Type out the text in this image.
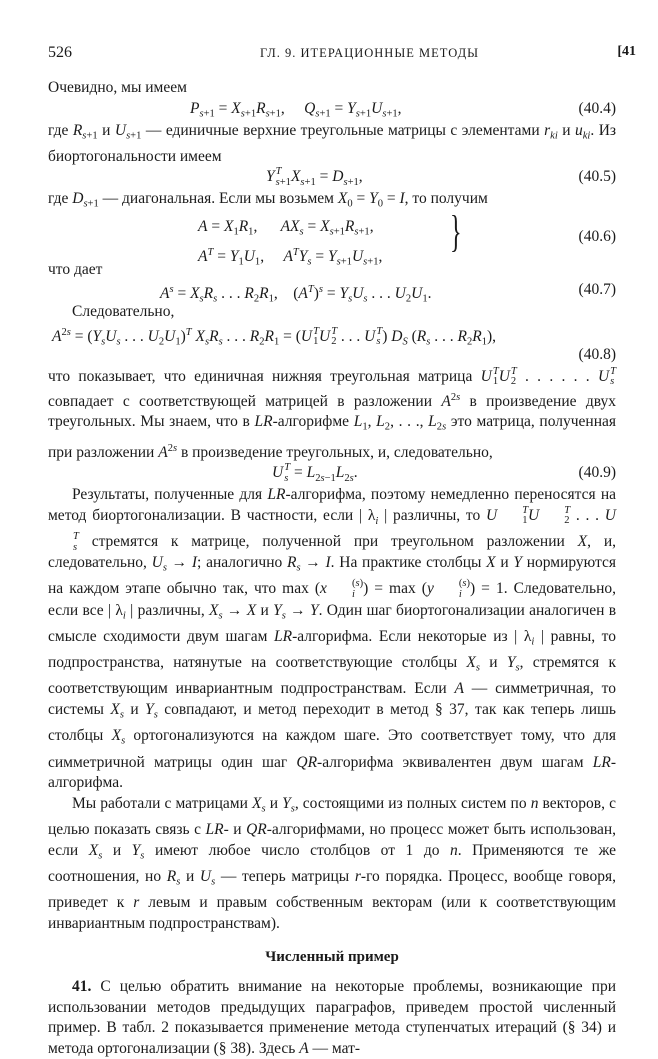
526	ГЛ. 9. ИТЕРАЦИОННЫЕ МЕТОДЫ	[41

Очевидно, мы имеем

$P_{s+1} = X_{s+1}R_{s+1}$,     $Q_{s+1} = Y_{s+1}U_{s+1}$,	(40.4)

где $R_{s+1}$ и $U_{s+1}$ — единичные верхние треугольные матрицы с элементами $r_{ki}$ и $u_{ki}$. Из биортогональности имеем

Y T
s+1 $X_{s+1} = D_{s+1}$,	(40.5)

где $D_{s+1}$ — диагональная. Если мы возьмем $X_0 = Y_0 = I$, то получим

$A = X_1R_1$,      $AX_s = X_{s+1}R_{s+1}$,
$A^T = Y_1U_1$,     $A^TY_s = Y_{s+1}U_{s+1}$,
}	(40.6)

что дает

$A^s = X_sR_s$ . . . $R_2R_1$,    $(A^T)^s = Y_sU_s$ . . . $U_2U_1$.	(40.7)

Следовательно,

$A^{2s} = (Y_sU_s$ . . . $U_2U_1)^T$ $X_sR_s$ . . . $R_2R_1 = (U$ T
1 U T
2 . . . U T
s ) $D_S$ ($R_s$ . . . $R_2R_1$),
(40.8)

что показывает, что единичная нижняя треугольная матрица U T
1 U T
2 . . . . . . U T
s
совпадает с соответствующей матрицей в разложении $A^{2s}$ в произведение двух треугольных. Мы знаем, что в LR-алгорифме $L_1$, $L_2$, . . ., $L_{2s}$ это матрица, полученная при разложении $A^{2s}$ в произведение треугольных, и, следовательно,

U T
$s = L_{2s-1}L_{2s}$.	(40.9)

Результаты, полученные для LR-алгорифма, поэтому немедленно переносятся на метод биортогонализации. В частности, если | $\lambda_i$ | различны, то U	T
1 U	T
2 . . . U
T
s стремятся к матрице, полученной при треугольном разложении X, и, следовательно, $U_s \to I$; аналогично $R_s \to I$. На практике столбцы X и Y нормируются на каждом этапе обычно так, что max (x	(s)
i ) = max (y	(s)
i ) = 1. Следовательно, если все | $\lambda_i$ | различны, $X_s \to X$ и $Y_s \to Y$. Один шаг биортогонализации аналогичен в смысле сходимости двум шагам LR-алгорифма. Если некоторые из | $\lambda_i$ | равны, то подпространства, натянутые на соответствующие столбцы $X_s$ и $Y_s$, стремятся к соответствующим инвариантным подпространствам. Если A — симметричная, то системы $X_s$ и $Y_s$ совпадают, и метод переходит в метод § 37, так как теперь лишь столбцы $X_s$ ортогонализуются на каждом шаге. Это соответствует тому, что для симметричной матрицы один шаг QR-алгорифма эквивалентен двум шагам LR-алгорифма.

Мы работали с матрицами $X_s$ и $Y_s$, состоящими из полных систем по n векторов, с целью показать связь с LR- и QR-алгорифмами, но процесс может быть использован, если $X_s$ и $Y_s$ имеют любое число столбцов от 1 до n. Применяются те же соотношения, но $R_s$ и $U_s$ — теперь матрицы r-го порядка. Процесс, вообще говоря, приведет к r левым и правым собственным векторам (или к соответствующим инвариантным подпространствам).

Численный пример

41. С целью обратить внимание на некоторые проблемы, возникающие при использовании методов предыдущих параграфов, приведем простой численный пример. В табл. 2 показывается применение метода ступенчатых итераций (§ 34) и метода ортогонализации (§ 38). Здесь A — мат-
